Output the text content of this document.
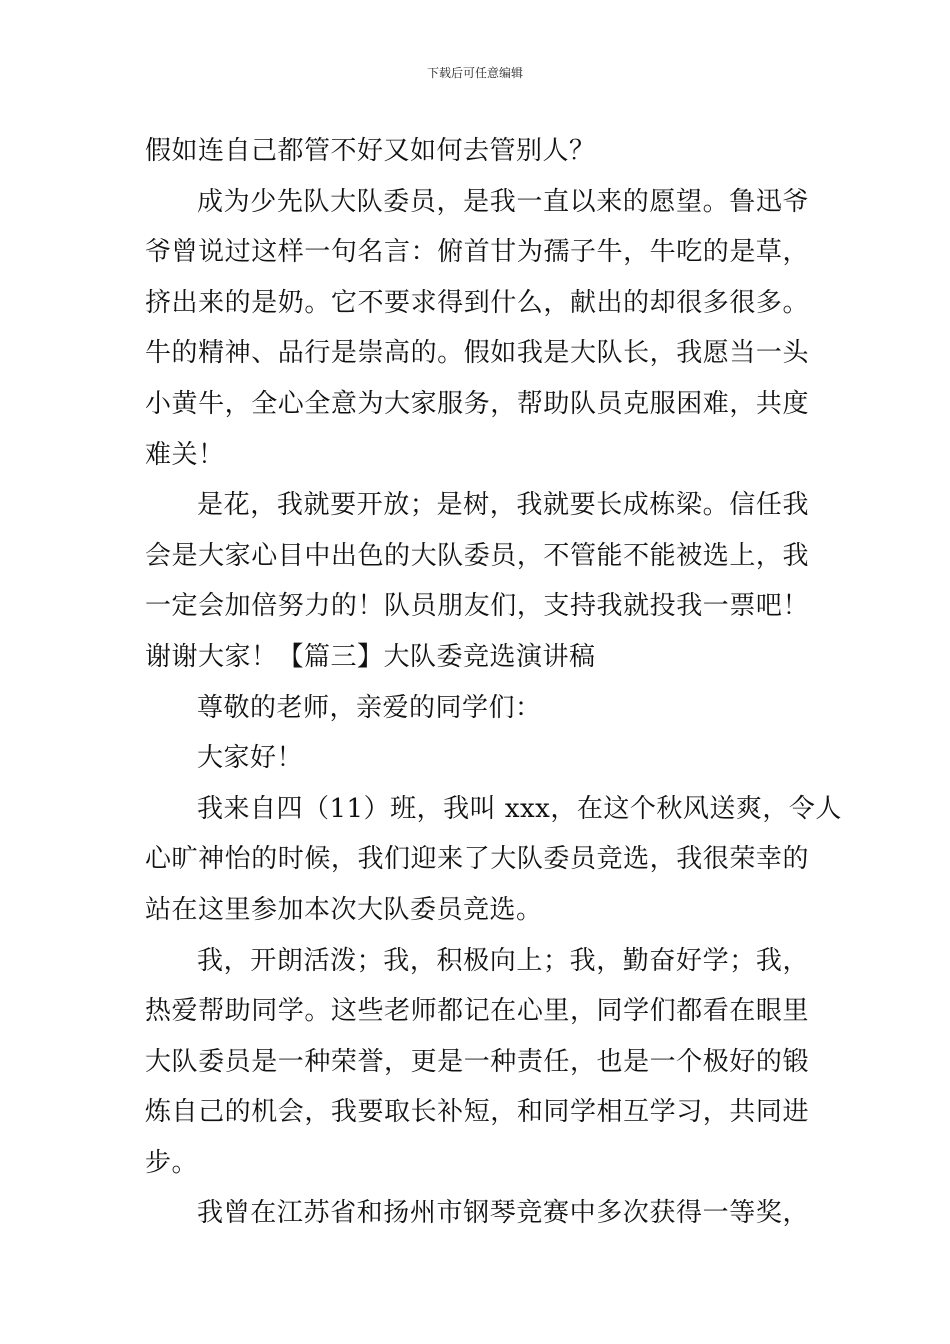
下载后可任意编辑
假如连自己都管不好又如何去管别人？
成为少先队大队委员，是我一直以来的愿望。鲁迅爷
爷曾说过这样一句名言：俯首甘为孺子牛，牛吃的是草，
挤出来的是奶。它不要求得到什么，献出的却很多很多。
牛的精神、品行是崇高的。假如我是大队长，我愿当一头
小黄牛，全心全意为大家服务，帮助队员克服困难，共度
难关！
是花，我就要开放；是树，我就要长成栋梁。信任我
会是大家心目中出色的大队委员，不管能不能被选上，我
一定会加倍努力的！队员朋友们，支持我就投我一票吧！
谢谢大家！【篇三】大队委竞选演讲稿
尊敬的老师，亲爱的同学们：
大家好！
我来自四（11）班，我叫 xxx，在这个秋风送爽，令人
心旷神怡的时候，我们迎来了大队委员竞选，我很荣幸的
站在这里参加本次大队委员竞选。
我，开朗活泼；我，积极向上；我，勤奋好学；我，
热爱帮助同学。这些老师都记在心里，同学们都看在眼里
大队委员是一种荣誉，更是一种责任，也是一个极好的锻
炼自己的机会，我要取长补短，和同学相互学习，共同进
步。
我曾在江苏省和扬州市钢琴竞赛中多次获得一等奖，
